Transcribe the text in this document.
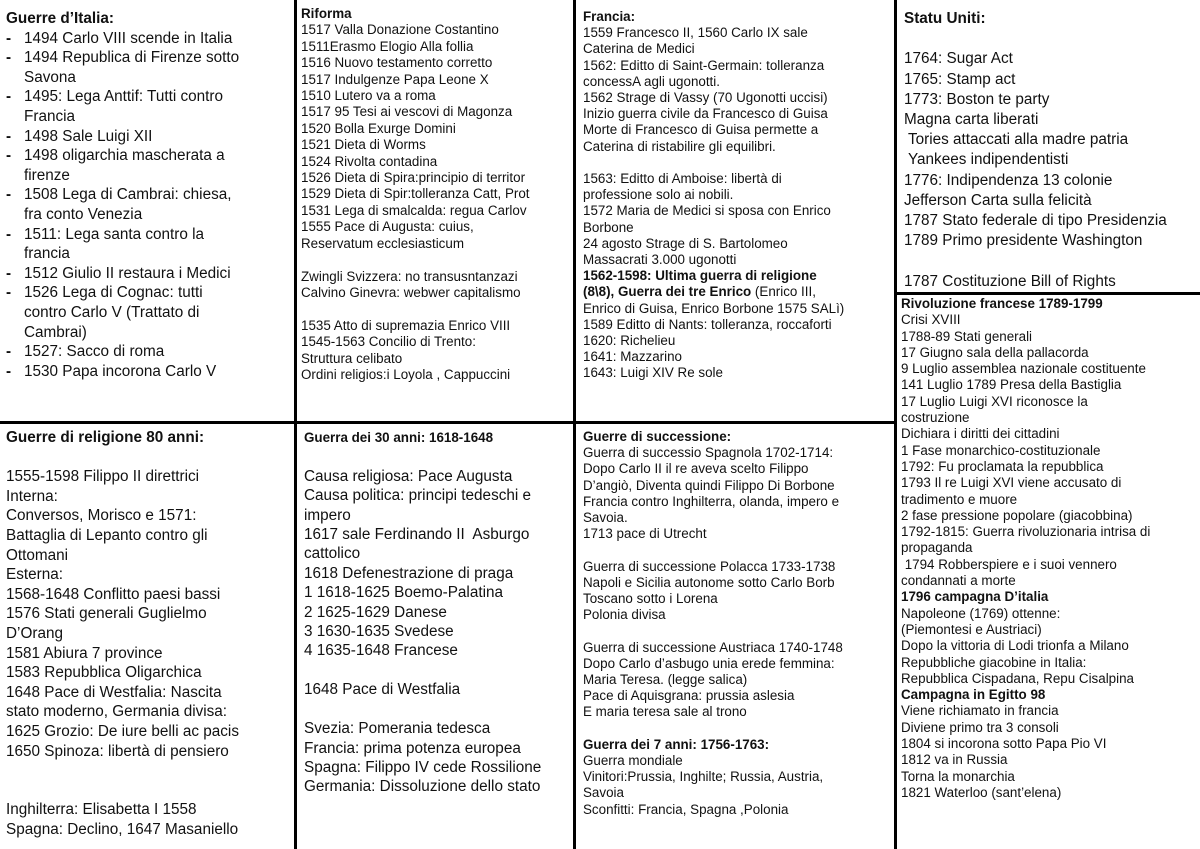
Guerre d’Italia:
- 1494 Carlo VIII scende in Italia
- 1494 Republica di Firenze sotto
Savona
- 1495: Lega Anttif: Tutti contro
Francia
- 1498 Sale Luigi XII
- 1498 oligarchia mascherata a
firenze
- 1508 Lega di Cambrai: chiesa,
fra conto Venezia
- 1511: Lega santa contro la
francia
- 1512 Giulio II restaura i Medici
- 1526 Lega di Cognac: tutti
contro Carlo V (Trattato di
Cambrai)
- 1527: Sacco di roma
- 1530 Papa incorona Carlo V
Riforma
1517 Valla Donazione Costantino
1511Erasmo Elogio Alla follia
1516 Nuovo testamento corretto
1517 Indulgenze Papa Leone X
1510 Lutero va a roma
1517 95 Tesi ai vescovi di Magonza
1520 Bolla Exurge Domini
1521 Dieta di Worms
1524 Rivolta contadina
1526 Dieta di Spira:principio di territor
1529 Dieta di Spir:tolleranza Catt, Prot
1531 Lega di smalcalda: regua Carlov
1555 Pace di Augusta: cuius,
Reservatum ecclesiasticum

Zwingli Svizzera: no transusntanzazi
Calvino Ginevra: webwer capitalismo

1535 Atto di supremazia Enrico VIII
1545-1563 Concilio di Trento:
Struttura celibato
Ordini religios:i Loyola , Cappuccini
Francia:
1559 Francesco II, 1560 Carlo IX sale
Caterina de Medici
1562: Editto di Saint-Germain: tolleranza
concessA agli ugonotti.
1562 Strage di Vassy (70 Ugonotti uccisi)
Inizio guerra civile da Francesco di Guisa
Morte di Francesco di Guisa permette a
Caterina di ristabilire gli equilibri.

1563: Editto di Amboise: libertà di
professione solo ai nobili.
1572 Maria de Medici si sposa con Enrico
Borbone
24 agosto Strage di S. Bartolomeo
Massacrati 3.000 ugonotti
1562-1598: Ultima guerra di religione
(8\8), Guerra dei tre Enrico (Enrico III,
Enrico di Guisa, Enrico Borbone 1575 SALì)
1589 Editto di Nants: tolleranza, roccaforti
1620: Richelieu
1641: Mazzarino
1643: Luigi XIV Re sole
Statu Uniti:

1764: Sugar Act
1765: Stamp act
1773: Boston te party
Magna carta liberati
Tories attaccati alla madre patria
Yankees indipendentisti
1776: Indipendenza 13 colonie
Jefferson Carta sulla felicità
1787 Stato federale di tipo Presidenzia
1789 Primo presidente Washington

1787 Costituzione Bill of Rights
Guerre di religione 80 anni:

1555-1598 Filippo II direttrici
Interna:
Conversos, Morisco e 1571:
Battaglia di Lepanto contro gli
Ottomani
Esterna:
1568-1648 Conflitto paesi bassi
1576 Stati generali Guglielmo
D’Orang
1581 Abiura 7 province
1583 Repubblica Oligarchica
1648 Pace di Westfalia: Nascita
stato moderno, Germania divisa:
1625 Grozio: De iure belli ac pacis
1650 Spinoza: libertà di pensiero

Inghilterra: Elisabetta I 1558
Spagna: Declino, 1647 Masaniello
Guerra dei 30 anni: 1618-1648

Causa religiosa: Pace Augusta
Causa politica: principi tedeschi e
impero
1617 sale Ferdinando II  Asburgo
cattolico
1618 Defenestrazione di praga
1 1618-1625 Boemo-Palatina
2 1625-1629 Danese
3 1630-1635 Svedese
4 1635-1648 Francese

1648 Pace di Westfalia

Svezia: Pomerania tedesca
Francia: prima potenza europea
Spagna: Filippo IV cede Rossilione
Germania: Dissoluzione dello stato
Guerre di successione:
Guerra di successio Spagnola 1702-1714:
Dopo Carlo II il re aveva scelto Filippo
D’angiò, Diventa quindi Filippo Di Borbone
Francia contro Inghilterra, olanda, impero e
Savoia.
1713 pace di Utrecht

Guerra di successione Polacca 1733-1738
Napoli e Sicilia autonome sotto Carlo Borb
Toscano sotto i Lorena
Polonia divisa

Guerra di successione Austriaca 1740-1748
Dopo Carlo d’asbugo unia erede femmina:
Maria Teresa. (legge salica)
Pace di Aquisgrana: prussia aslesia
E maria teresa sale al trono

Guerra dei 7 anni: 1756-1763:
Guerra mondiale
Vinitori:Prussia, Inghilte; Russia, Austria,
Savoia
Sconfitti: Francia, Spagna ,Polonia
Rivoluzione francese 1789-1799
Crisi XVIII
1788-89 Stati generali
17 Giugno sala della pallacorda
9 Luglio assemblea nazionale costituente
141 Luglio 1789 Presa della Bastiglia
17 Luglio Luigi XVI riconosce la
costruzione
Dichiara i diritti dei cittadini
1 Fase monarchico-costituzionale
1792: Fu proclamata la repubblica
1793 Il re Luigi XVI viene accusato di
tradimento e muore
2 fase pressione popolare (giacobbina)
1792-1815: Guerra rivoluzionaria intrisa di
propaganda
1794 Robberspiere e i suoi vennero
condannati a morte
1796 campagna D’italia
Napoleone (1769) ottenne:
(Piemontesi e Austriaci)
Dopo la vittoria di Lodi trionfa a Milano
Repubbliche giacobine in Italia:
Repubblica Cispadana, Repu Cisalpina
Campagna in Egitto 98
Viene richiamato in francia
Diviene primo tra 3 consoli
1804 si incorona sotto Papa Pio VI
1812 va in Russia
Torna la monarchia
1821 Waterloo (sant’elena)
